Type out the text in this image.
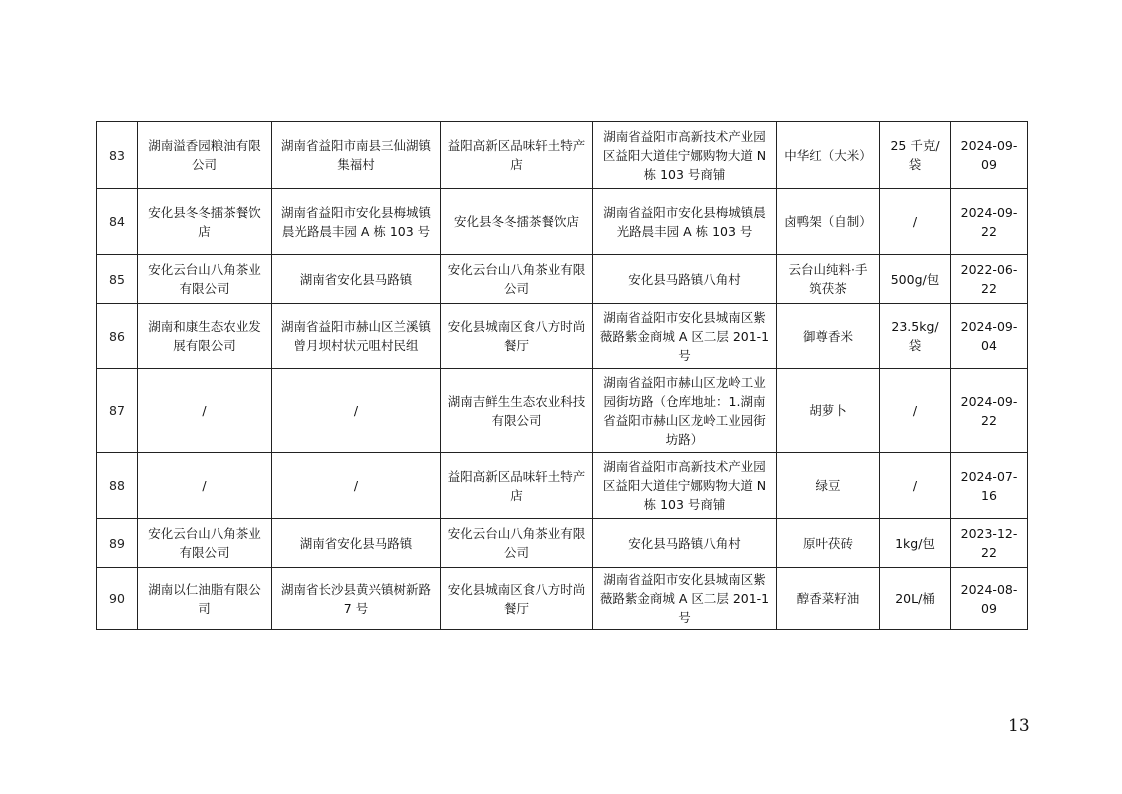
83	湖南溢香园粮油有限公司	湖南省益阳市南县三仙湖镇集福村	益阳高新区品味轩土特产店	湖南省益阳市高新技术产业园区益阳大道佳宁娜购物大道 N 栋 103 号商铺	中华红（大米）	25 千克/袋	2024-09-09
84	安化县冬冬擂茶餐饮店	湖南省益阳市安化县梅城镇晨光路晨丰园 A 栋 103 号	安化县冬冬擂茶餐饮店	湖南省益阳市安化县梅城镇晨光路晨丰园 A 栋 103 号	卤鸭架（自制）	/	2024-09-22
85	安化云台山八角茶业有限公司	湖南省安化县马路镇	安化云台山八角茶业有限公司	安化县马路镇八角村	云台山纯料·手筑茯茶	500g/包	2022-06-22
86	湖南和康生态农业发展有限公司	湖南省益阳市赫山区兰溪镇曾月坝村状元咀村民组	安化县城南区食八方时尚餐厅	湖南省益阳市安化县城南区紫薇路紫金商城 A 区二层 201-1 号	御尊香米	23.5kg/袋	2024-09-04
87	/	/	湖南吉鲜生生态农业科技有限公司	湖南省益阳市赫山区龙岭工业园街坊路（仓库地址：1.湖南省益阳市赫山区龙岭工业园街坊路）	胡萝卜	/	2024-09-22
88	/	/	益阳高新区品味轩土特产店	湖南省益阳市高新技术产业园区益阳大道佳宁娜购物大道 N 栋 103 号商铺	绿豆	/	2024-07-16
89	安化云台山八角茶业有限公司	湖南省安化县马路镇	安化云台山八角茶业有限公司	安化县马路镇八角村	原叶茯砖	1kg/包	2023-12-22
90	湖南以仁油脂有限公司	湖南省长沙县黄兴镇树新路 7 号	安化县城南区食八方时尚餐厅	湖南省益阳市安化县城南区紫薇路紫金商城 A 区二层 201-1 号	醇香菜籽油	20L/桶	2024-08-09
13
